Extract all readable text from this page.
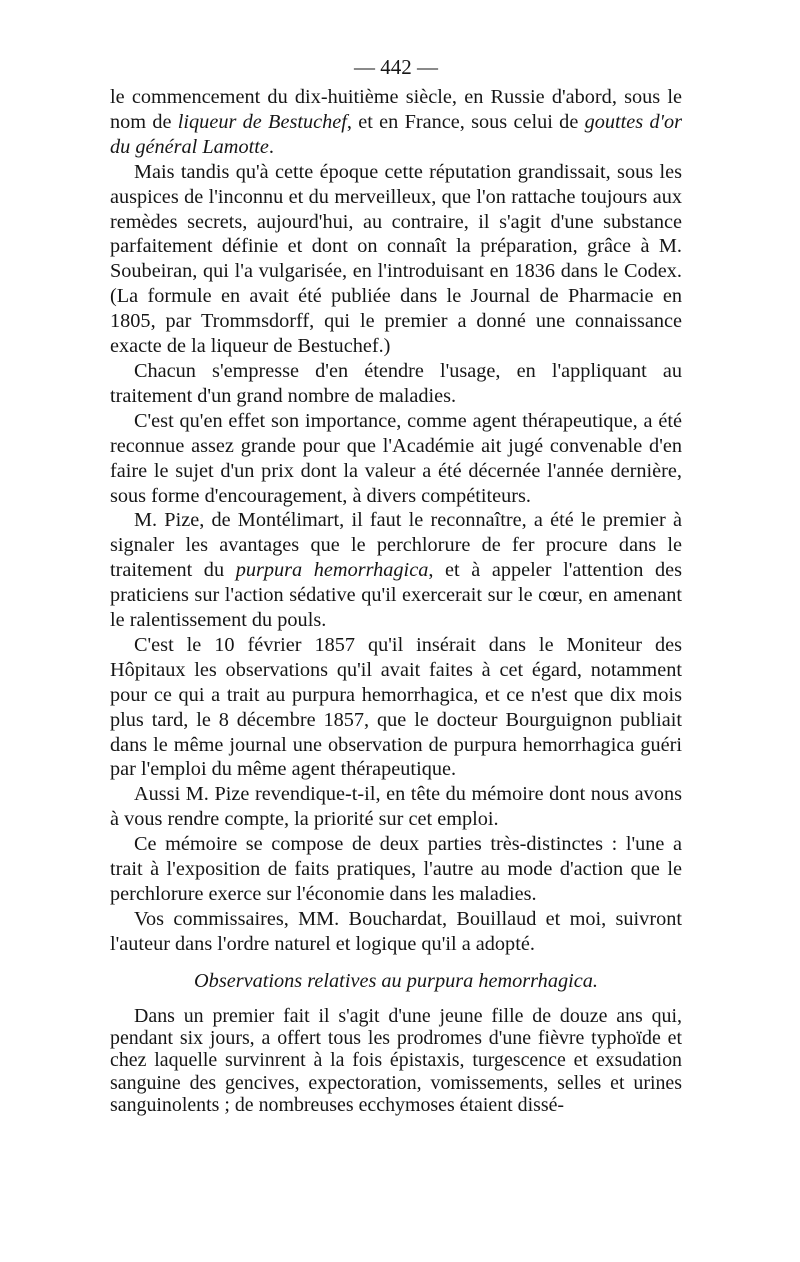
— 442 —

le commencement du dix-huitième siècle, en Russie d'abord, sous le nom de liqueur de Bestuchef, et en France, sous celui de gouttes d'or du général Lamotte.

Mais tandis qu'à cette époque cette réputation grandissait, sous les auspices de l'inconnu et du merveilleux, que l'on rattache toujours aux remèdes secrets, aujourd'hui, au contraire, il s'agit d'une substance parfaitement définie et dont on connaît la préparation, grâce à M. Soubeiran, qui l'a vulgarisée, en l'introduisant en 1836 dans le Codex. (La formule en avait été publiée dans le Journal de Pharmacie en 1805, par Trommsdorff, qui le premier a donné une connaissance exacte de la liqueur de Bestuchef.)

Chacun s'empresse d'en étendre l'usage, en l'appliquant au traitement d'un grand nombre de maladies.

C'est qu'en effet son importance, comme agent thérapeutique, a été reconnue assez grande pour que l'Académie ait jugé convenable d'en faire le sujet d'un prix dont la valeur a été décernée l'année dernière, sous forme d'encouragement, à divers compétiteurs.

M. Pize, de Montélimart, il faut le reconnaître, a été le premier à signaler les avantages que le perchlorure de fer procure dans le traitement du purpura hemorrhagica, et à appeler l'attention des praticiens sur l'action sédative qu'il exercerait sur le cœur, en amenant le ralentissement du pouls.

C'est le 10 février 1857 qu'il insérait dans le Moniteur des Hôpitaux les observations qu'il avait faites à cet égard, notamment pour ce qui a trait au purpura hemorrhagica, et ce n'est que dix mois plus tard, le 8 décembre 1857, que le docteur Bourguignon publiait dans le même journal une observation de purpura hemorrhagica guéri par l'emploi du même agent thérapeutique.

Aussi M. Pize revendique-t-il, en tête du mémoire dont nous avons à vous rendre compte, la priorité sur cet emploi.

Ce mémoire se compose de deux parties très-distinctes : l'une a trait à l'exposition de faits pratiques, l'autre au mode d'action que le perchlorure exerce sur l'économie dans les maladies.

Vos commissaires, MM. Bouchardat, Bouillaud et moi, suivront l'auteur dans l'ordre naturel et logique qu'il a adopté.

Observations relatives au purpura hemorrhagica.

Dans un premier fait il s'agit d'une jeune fille de douze ans qui, pendant six jours, a offert tous les prodromes d'une fièvre typhoïde et chez laquelle survinrent à la fois épistaxis, turgescence et exsudation sanguine des gencives, expectoration, vomissements, selles et urines sanguinolents ; de nombreuses ecchymoses étaient dissé-
